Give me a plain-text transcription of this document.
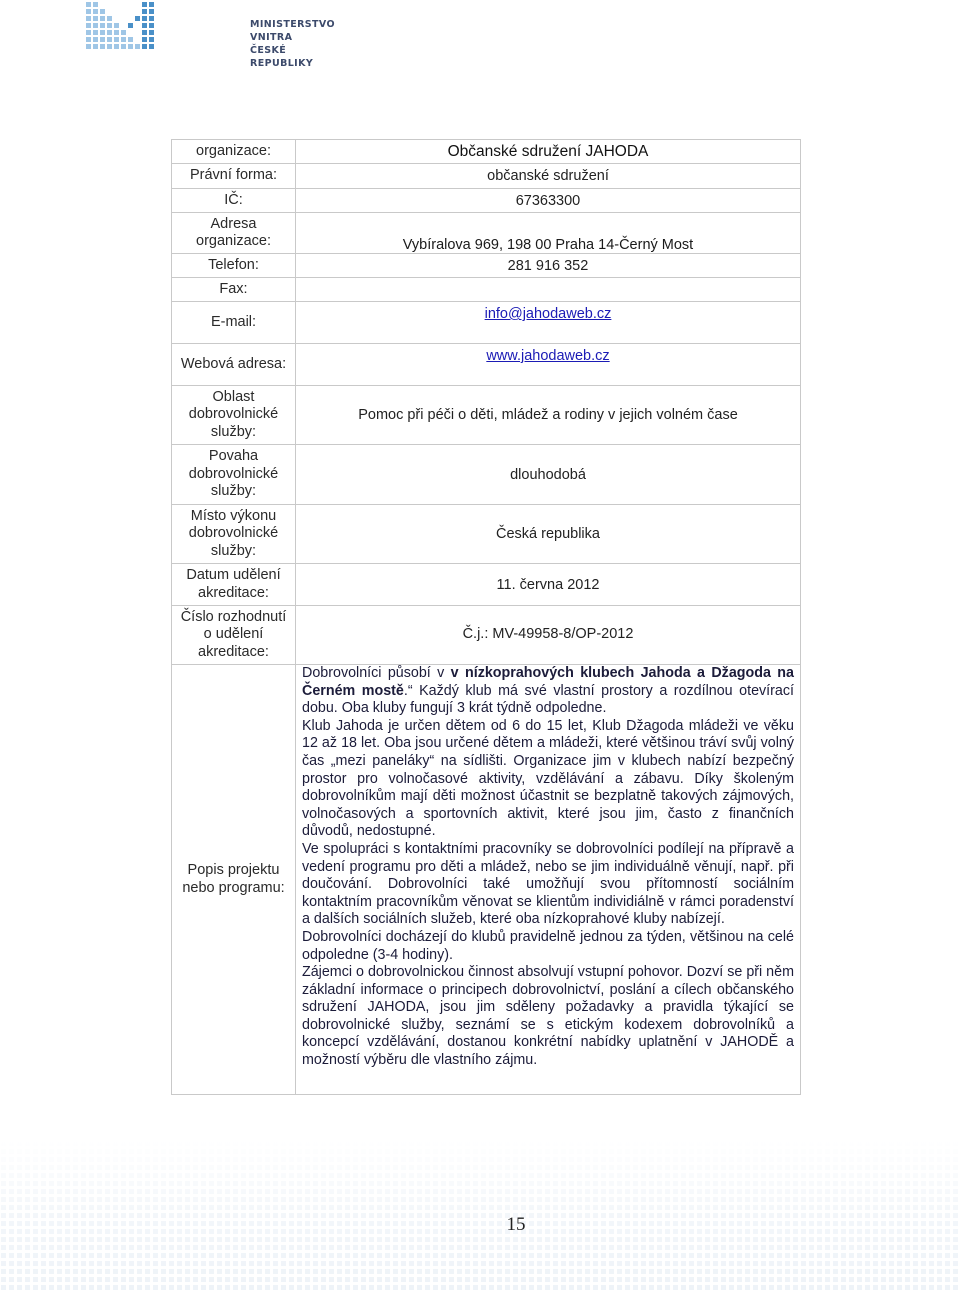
MINISTERSTVO VNITRA
ČESKÉ REPUBLIKY
organizace:	Občanské sdružení JAHODA
Právní forma:	občanské sdružení
IČ:	67363300
Adresa organizace:	Vybíralova 969, 198 00 Praha 14-Černý Most
Telefon:	281 916 352
Fax:	
E-mail:	info@jahodaweb.cz
Webová adresa:	www.jahodaweb.cz
Oblast dobrovolnické služby:	Pomoc při péči o děti, mládež a rodiny v jejich volném čase
Povaha dobrovolnické služby:	dlouhodobá
Místo výkonu dobrovolnické služby:	Česká republika
Datum udělení akreditace:	11. června 2012
Číslo rozhodnutí o udělení akreditace:	Č.j.: MV-49958-8/OP-2012
Popis projektu nebo programu:	Dobrovolníci působí v v nízkoprahových klubech Jahoda a Džagoda na Černém mostě.“ Každý klub má své vlastní prostory a rozdílnou otevírací dobu. Oba kluby fungují 3 krát týdně odpoledne.

Klub Jahoda je určen dětem od 6 do 15 let, Klub Džagoda mládeži ve věku 12 až 18 let. Oba jsou určené dětem a mládeži, které většinou tráví svůj volný čas „mezi paneláky“ na sídlišti. Organizace jim v klubech nabízí bezpečný prostor pro volnočasové aktivity, vzdělávání a zábavu. Díky školeným dobrovolníkům mají děti možnost účastnit se bezplatně takových zájmových, volnočasových a sportovních aktivit, které jsou jim, často z finančních důvodů, nedostupné.

Ve spolupráci s kontaktními pracovníky se dobrovolníci podílejí na přípravě a vedení programu pro děti a mládež, nebo se jim individuálně věnují, např. při doučování. Dobrovolníci také umožňují svou přítomností sociálním kontaktním pracovníkům věnovat se klientům individiálně v rámci poradenství a dalších sociálních služeb, které oba nízkoprahové kluby nabízejí.

Dobrovolníci docházejí do klubů pravidelně jednou za týden, většinou na celé odpoledne (3-4 hodiny).

Zájemci o dobrovolnickou činnost absolvují vstupní pohovor. Dozví se při něm základní informace o principech dobrovolnictví, poslání a cílech občanského sdružení JAHODA, jsou jim sděleny požadavky a pravidla týkající se dobrovolnické služby, seznámí se s etickým kodexem dobrovolníků a koncepcí vzdělávání, dostanou konkrétní nabídky uplatnění v JAHODĚ a možností výběru dle vlastního zájmu.

15
